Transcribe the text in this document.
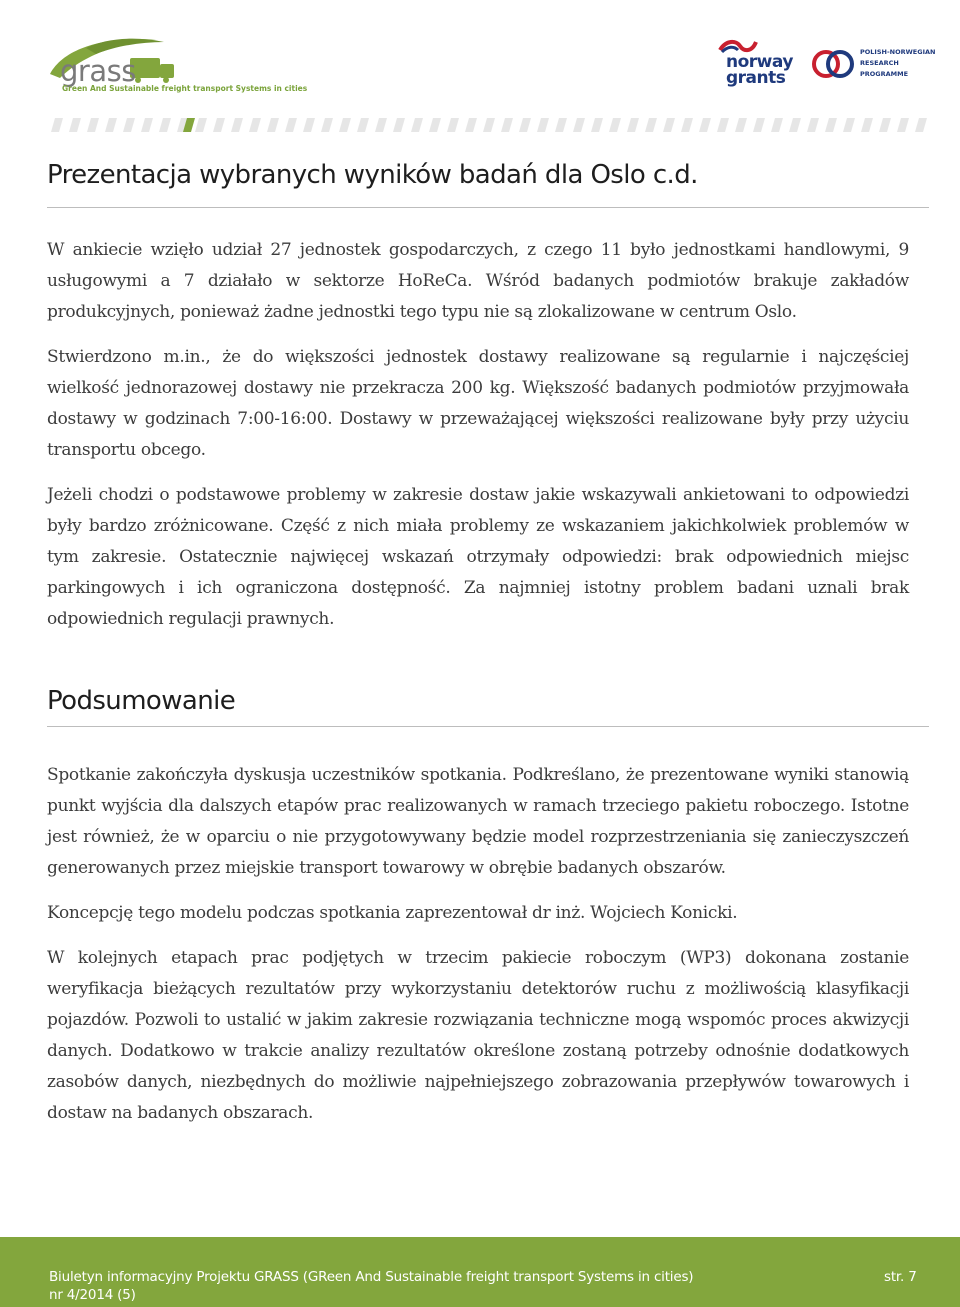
grass
Green And Sustainable freight transport Systems in cities
norway
grants
POLISH-NORWEGIAN
RESEARCH
PROGRAMME
Prezentacja wybranych wyników badań dla Oslo c.d.

W ankiecie wzięło udział 27 jednostek gospodarczych, z czego 11 było jednostkami handlowymi, 9 usługowymi a 7 działało w sektorze HoReCa. Wśród badanych podmiotów brakuje zakładów produkcyjnych, ponieważ żadne jednostki tego typu nie są zlokalizowane w centrum Oslo.

Stwierdzono m.in., że do większości jednostek dostawy realizowane są regularnie i najczęściej wielkość jednorazowej dostawy nie przekracza 200 kg. Większość badanych podmiotów przyjmowała dostawy w godzinach 7:00-16:00. Dostawy w przeważającej większości realizowane były przy użyciu transportu obcego.

Jeżeli chodzi o podstawowe problemy w zakresie dostaw jakie wskazywali ankietowani to odpowiedzi były bardzo zróżnicowane. Część z nich miała problemy ze wskazaniem jakichkolwiek problemów w tym zakresie. Ostatecznie najwięcej wskazań otrzymały odpowiedzi: brak odpowiednich miejsc parkingowych i ich ograniczona dostępność. Za najmniej istotny problem badani uznali brak odpowiednich regulacji prawnych.

Podsumowanie

Spotkanie zakończyła dyskusja uczestników spotkania. Podkreślano, że prezentowane wyniki stanowią punkt wyjścia dla dalszych etapów prac realizowanych w ramach trzeciego pakietu roboczego. Istotne jest również, że w oparciu o nie przygotowywany będzie model rozprzestrzeniania się zanieczyszczeń generowanych przez miejskie transport towarowy w obrębie badanych obszarów.

Koncepcję tego modelu podczas spotkania zaprezentował dr inż. Wojciech Konicki.

W kolejnych etapach prac podjętych w trzecim pakiecie roboczym (WP3) dokonana zostanie weryfikacja bieżących rezultatów przy wykorzystaniu detektorów ruchu z możliwością klasyfikacji pojazdów. Pozwoli to ustalić w jakim zakresie rozwiązania techniczne mogą wspomóc proces akwizycji danych. Dodatkowo w trakcie analizy rezultatów określone zostaną potrzeby odnośnie dodatkowych zasobów danych, niezbędnych do możliwie najpełniejszego zobrazowania przepływów towarowych i dostaw na badanych obszarach.

Biuletyn informacyjny Projektu GRASS (GReen And Sustainable freight transport Systems in cities)
nr 4/2014 (5)
str. 7
